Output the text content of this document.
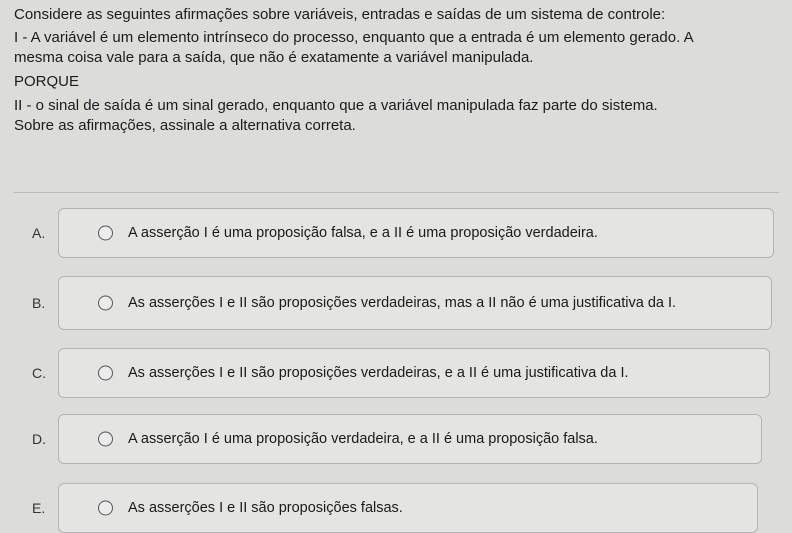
Considere as seguintes afirmações sobre variáveis, entradas e saídas de um sistema de controle:

I - A variável é um elemento intrínseco do processo, enquanto que a entrada é um elemento gerado. A

mesma coisa vale para a saída, que não é exatamente a variável manipulada.

PORQUE

II - o sinal de saída é um sinal gerado, enquanto que a variável manipulada faz parte do sistema.

Sobre as afirmações, assinale a alternativa correta.

A.	A asserção I é uma proposição falsa, e a II é uma proposição verdadeira.
B.	As asserções I e II são proposições verdadeiras, mas a II não é uma justificativa da I.
C.	As asserções I e II são proposições verdadeiras, e a II é uma justificativa da I.
D.	A asserção I é uma proposição verdadeira, e a II é uma proposição falsa.
E.	As asserções I e II são proposições falsas.
